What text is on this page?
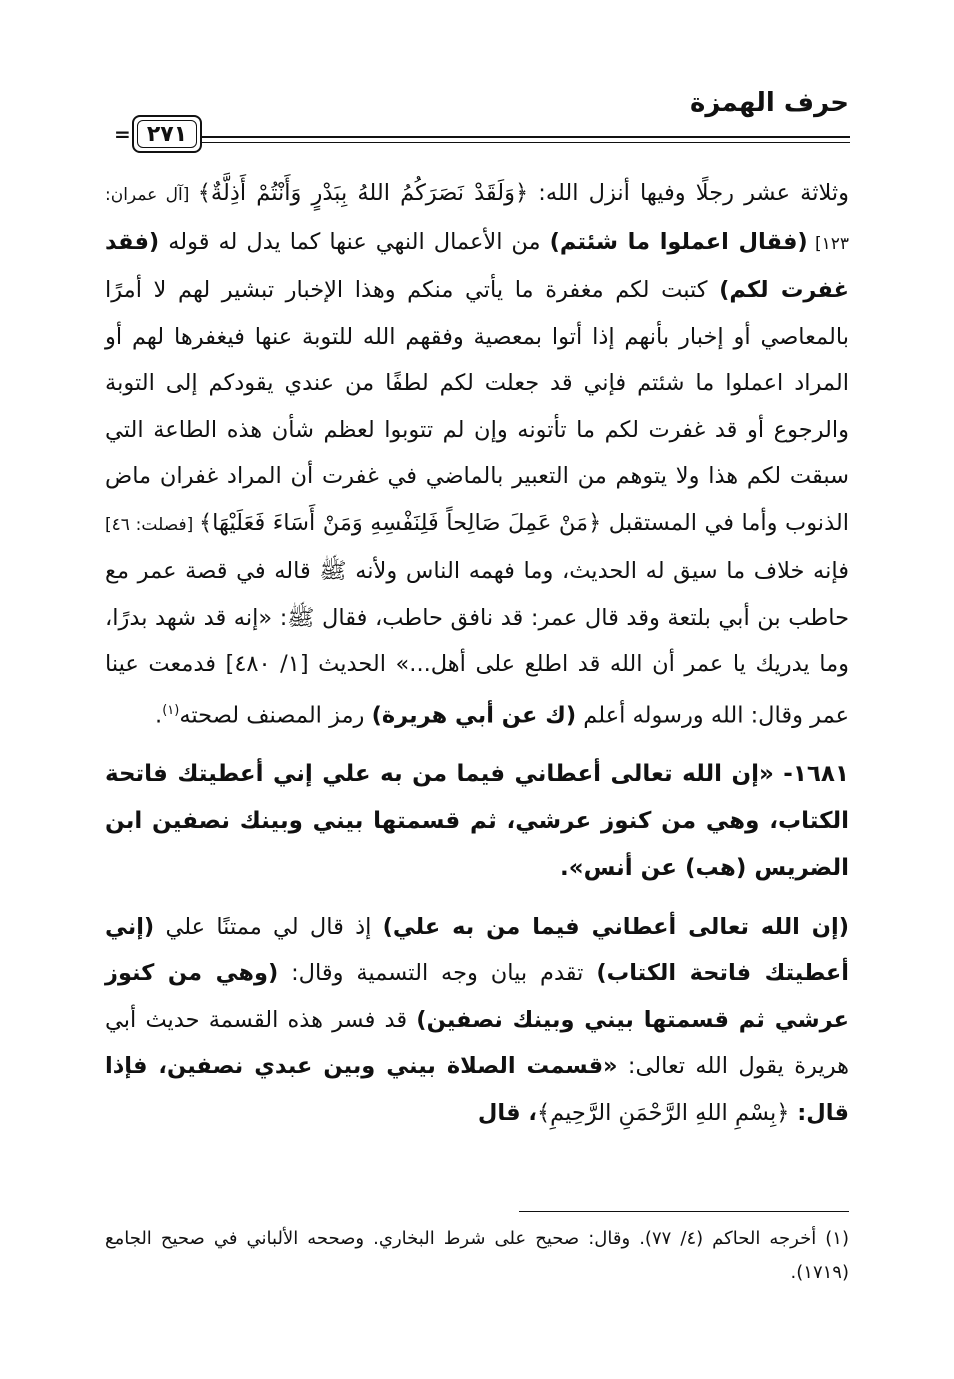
حرف الهمزة
٢٧١
=

وثلاثة عشر رجلًا وفيها أنزل الله: ﴿وَلَقَدْ نَصَرَكُمُ اللهُ بِبَدْرٍ وَأَنْتُمْ أَذِلَّةٌ﴾ [آل عمران: ١٢٣] (فقال اعملوا ما شئتم) من الأعمال النهي عنها كما يدل له قوله (فقد غفرت لكم) كتبت لكم مغفرة ما يأتي منكم وهذا الإخبار تبشير لهم لا أمرًا بالمعاصي أو إخبار بأنهم إذا أتوا بمعصية وفقهم الله للتوبة عنها فيغفرها لهم أو المراد اعملوا ما شئتم فإني قد جعلت لكم لطفًا من عندي يقودكم إلى التوبة والرجوع أو قد غفرت لكم ما تأتونه وإن لم تتوبوا لعظم شأن هذه الطاعة التي سبقت لكم هذا ولا يتوهم من التعبير بالماضي في غفرت أن المراد غفران ماض الذنوب وأما في المستقبل ﴿مَنْ عَمِلَ صَالِحاً فَلِنَفْسِهِ وَمَنْ أَسَاءَ فَعَلَيْهَا﴾ [فصلت: ٤٦] فإنه خلاف ما سيق له الحديث، وما فهمه الناس ولأنه ﷺ قاله في قصة عمر مع حاطب بن أبي بلتعة وقد قال عمر: قد نافق حاطب، فقال ﷺ: «إنه قد شهد بدرًا، وما يدريك يا عمر أن الله قد اطلع على أهل...» الحديث [١/ ٤٨٠] فدمعت عينا عمر وقال: الله ورسوله أعلم (ك عن أبي هريرة) رمز المصنف لصحته$^{(١)}$.

١٦٨١- «إن الله تعالى أعطاني فيما من به علي إني أعطيتك فاتحة الكتاب، وهي من كنوز عرشي، ثم قسمتها بيني وبينك نصفين ابن الضريس (هب) عن أنس».

(إن الله تعالى أعطاني فيما من به علي) إذ قال لي ممتنًا علي (إني أعطيتك فاتحة الكتاب) تقدم بيان وجه التسمية وقال: (وهي من كنوز عرشي ثم قسمتها بيني وبينك نصفين) قد فسر هذه القسمة حديث أبي هريرة يقول الله تعالى: «قسمت الصلاة بيني وبين عبدي نصفين، فإذا قال: ﴿بِسْمِ اللهِ الرَّحْمَنِ الرَّحِيمِ﴾، قال

(١) أخرجه الحاكم (٤/ ٧٧). وقال: صحيح على شرط البخاري. وصححه الألباني في صحيح الجامع (١٧١٩).
